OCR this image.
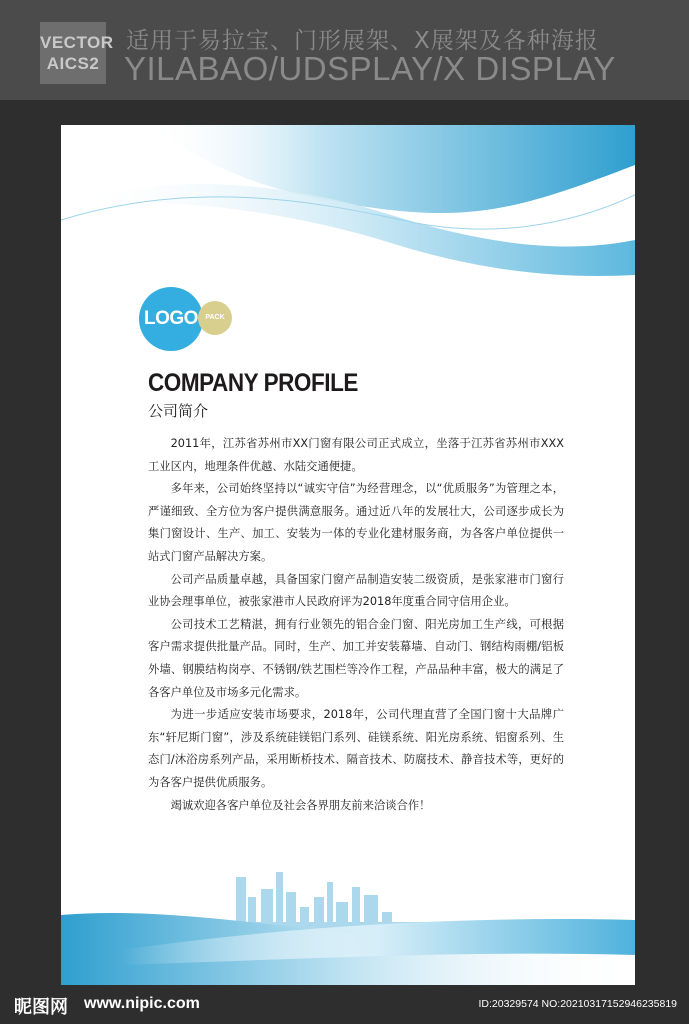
VECTOR
AICS2
适用于易拉宝、门形展架、X展架及各种海报
YILABAO/UDSPLAY/X DISPLAY
LOGO	PACK
COMPANY PROFILE
公司简介

2011年，江苏省苏州市XX门窗有限公司正式成立，坐落于江苏省苏州市XXX工业区内，地理条件优越、水陆交通便捷。

多年来，公司始终坚持以“诚实守信”为经营理念，以“优质服务”为管理之本，严谨细致、全方位为客户提供满意服务。通过近八年的发展壮大，公司逐步成长为集门窗设计、生产、加工、安装为一体的专业化建材服务商，为各客户单位提供一站式门窗产品解决方案。

公司产品质量卓越，具备国家门窗产品制造安装二级资质，是张家港市门窗行业协会理事单位，被张家港市人民政府评为2018年度重合同守信用企业。

公司技术工艺精湛，拥有行业领先的铝合金门窗、阳光房加工生产线，可根据客户需求提供批量产品。同时，生产、加工并安装幕墙、自动门、钢结构雨棚/铝板外墙、钢膜结构岗亭、不锈钢/铁艺围栏等冷作工程，产品品种丰富，极大的满足了各客户单位及市场多元化需求。

为进一步适应安装市场要求，2018年，公司代理直营了全国门窗十大品牌广东“轩尼斯门窗”，涉及系统硅镁铝门系列、硅镁系统、阳光房系统、铝窗系列、生态门/沐浴房系列产品，采用断桥技术、隔音技术、防腐技术、静音技术等，更好的为各客户提供优质服务。

竭诚欢迎各客户单位及社会各界朋友前来洽谈合作！

昵图网 www.nipic.com	ID:20329574 NO:20210317152946235819
